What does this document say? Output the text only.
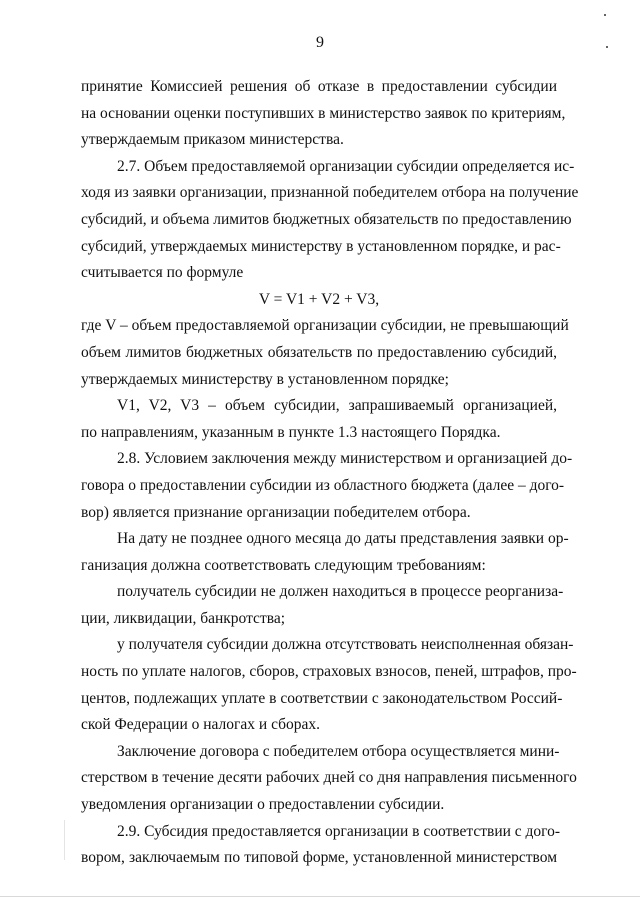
9
принятие Комиссией решения об отказе в предоставлении субсидии
на основании оценки поступивших в министерство заявок по критериям,
утверждаемым приказом министерства.
2.7. Объем предоставляемой организации субсидии определяется ис-
ходя из заявки организации, признанной победителем отбора на получение
субсидий, и объема лимитов бюджетных обязательств по предоставлению
субсидий, утверждаемых министерству в установленном порядке, и рас-
считывается по формуле
V = V1 + V2 + V3,
где V – объем предоставляемой организации субсидии, не превышающий
объем лимитов бюджетных обязательств по предоставлению субсидий,
утверждаемых министерству в установленном порядке;
V1, V2, V3 – объем субсидии, запрашиваемый организацией,
по направлениям, указанным в пункте 1.3 настоящего Порядка.
2.8. Условием заключения между министерством и организацией до-
говора о предоставлении субсидии из областного бюджета (далее – дого-
вор) является признание организации победителем отбора.
На дату не позднее одного месяца до даты представления заявки ор-
ганизация должна соответствовать следующим требованиям:
получатель субсидии не должен находиться в процессе реорганиза-
ции, ликвидации, банкротства;
у получателя субсидии должна отсутствовать неисполненная обязан-
ность по уплате налогов, сборов, страховых взносов, пеней, штрафов, про-
центов, подлежащих уплате в соответствии с законодательством Россий-
ской Федерации о налогах и сборах.
Заключение договора с победителем отбора осуществляется мини-
стерством в течение десяти рабочих дней со дня направления письменного
уведомления организации о предоставлении субсидии.
2.9. Субсидия предоставляется организации в соответствии с дого-
вором, заключаемым по типовой форме, установленной министерством
